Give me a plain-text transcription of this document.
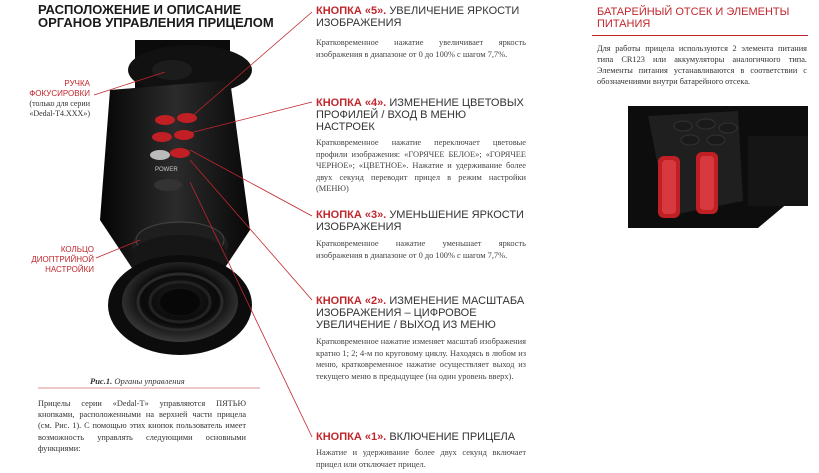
РАСПОЛОЖЕНИЕ И ОПИСАНИЕ ОРГАНОВ УПРАВЛЕНИЯ ПРИЦЕЛОМ
POWER
РУЧКА ФОКУСИРОВКИ
(только для серии «Dedal-T4.XXX»)
КОЛЬЦО ДИОПТРИЙНОЙ НАСТРОЙКИ
Рис.1. Органы управления
Прицелы серии «Dedal-T» управляются ПЯТЬЮ кнопками, расположенными на верхней части прицела (см. Рис. 1). С помощью этих кнопок пользователь имеет возможность управлять следующими основными функциями:
КНОПКА «5». УВЕЛИЧЕНИЕ ЯРКОСТИ ИЗОБРАЖЕНИЯ
Кратковременное нажатие увеличивает яркость изображения в диапазоне от 0 до 100% с шагом 7,7%.
КНОПКА «4». ИЗМЕНЕНИЕ ЦВЕТОВЫХ ПРОФИЛЕЙ / ВХОД В МЕНЮ НАСТРОЕК
Кратковременное нажатие переключает цветовые профили изображения: «ГОРЯЧЕЕ БЕЛОЕ»; «ГОРЯЧЕЕ ЧЕРНОЕ»; «ЦВЕТНОЕ». Нажатие и удерживание более двух секунд переводит прицел в режим настройки (МЕНЮ)
КНОПКА «3». УМЕНЬШЕНИЕ ЯРКОСТИ ИЗОБРАЖЕНИЯ
Кратковременное нажатие уменьшает яркость изображения в диапазоне от 0 до 100% с шагом 7,7%.
КНОПКА «2». ИЗМЕНЕНИЕ МАСШТАБА ИЗОБРАЖЕНИЯ – ЦИФРОВОЕ УВЕЛИЧЕНИЕ / ВЫХОД ИЗ МЕНЮ
Кратковременное нажатие изменяет масштаб изображения кратно 1; 2; 4-м по круговому циклу. Находясь в любом из меню, кратковременное нажатие осуществляет выход из текущего меню в предыдущее (на один уровень вверх).
КНОПКА «1». ВКЛЮЧЕНИЕ ПРИЦЕЛА
Нажатие и удерживание более двух секунд включает прицел или отключает прицел.
БАТАРЕЙНЫЙ ОТСЕК И ЭЛЕМЕНТЫ ПИТАНИЯ
Для работы прицела используются 2 элемента питания типа CR123 или аккумуляторы аналогичного типа. Элементы питания устанавливаются в соответствии с обозначениями внутри батарейного отсека.
